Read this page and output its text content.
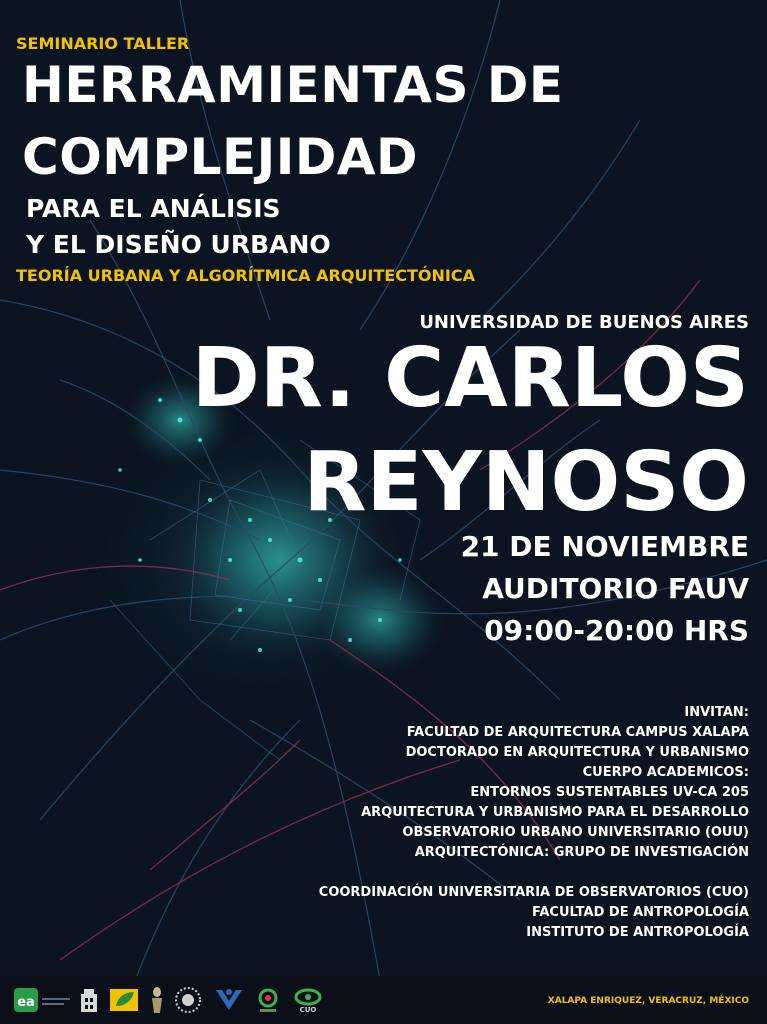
SEMINARIO TALLER

HERRAMIENTAS DE

COMPLEJIDAD

PARA EL ANÁLISIS

Y EL DISEÑO URBANO

TEORÍA URBANA Y ALGORÍTMICA ARQUITECTÓNICA

UNIVERSIDAD DE BUENOS AIRES

DR. CARLOS

REYNOSO

21 DE NOVIEMBRE

AUDITORIO FAUV

09:00-20:00 HRS

INVITAN:

FACULTAD DE ARQUITECTURA CAMPUS XALAPA

DOCTORADO EN ARQUITECTURA Y URBANISMO

CUERPO ACADEMICOS:

ENTORNOS SUSTENTABLES UV-CA 205

ARQUITECTURA Y URBANISMO PARA EL DESARROLLO

OBSERVATORIO URBANO UNIVERSITARIO (OUU)

ARQUITECTÓNICA: GRUPO DE INVESTIGACIÓN

COORDINACIÓN UNIVERSITARIA DE OBSERVATORIOS (CUO)

FACULTAD DE ANTROPOLOGÍA

INSTITUTO DE ANTROPOLOGÍA

ea	CUO

XALAPA ENRIQUEZ, VERACRUZ, MÉXICO
